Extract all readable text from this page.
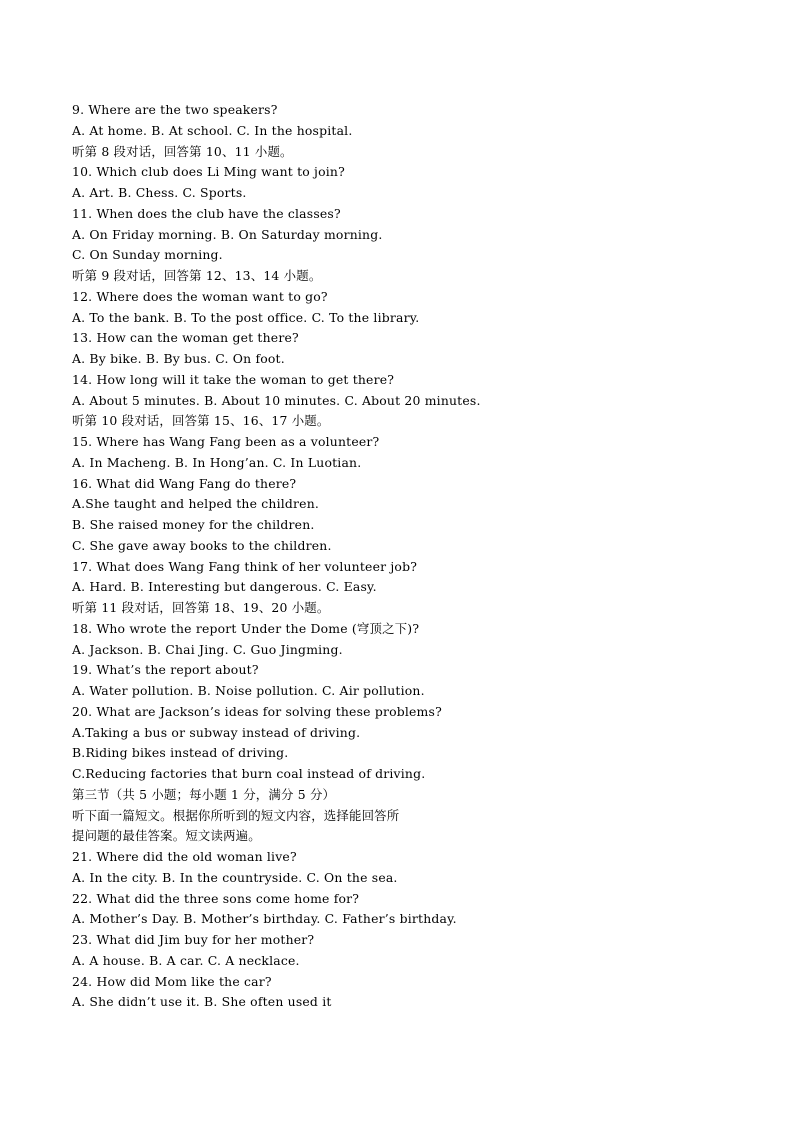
9. Where are the two speakers?
A. At home. B. At school. C. In the hospital.
听第 8 段对话，回答第 10、11 小题。
10. Which club does Li Ming want to join?
A. Art. B. Chess. C. Sports.
11. When does the club have the classes?
A. On Friday morning. B. On Saturday morning.
C. On Sunday morning.
听第 9 段对话，回答第 12、13、14 小题。
12. Where does the woman want to go?
A. To the bank. B. To the post office. C. To the library.
13. How can the woman get there?
A. By bike. B. By bus. C. On foot.
14. How long will it take the woman to get there?
A. About 5 minutes. B. About 10 minutes. C. About 20 minutes.
听第 10 段对话，回答第 15、16、17 小题。
15. Where has Wang Fang been as a volunteer?
A. In Macheng. B. In Hong’an. C. In Luotian.
16. What did Wang Fang do there?
A.She taught and helped the children.
B. She raised money for the children.
C. She gave away books to the children.
17. What does Wang Fang think of her volunteer job?
A. Hard. B. Interesting but dangerous. C. Easy.
听第 11 段对话，回答第 18、19、20 小题。
18. Who wrote the report Under the Dome (穹顶之下)?
A. Jackson. B. Chai Jing. C. Guo Jingming.
19. What’s the report about?
A. Water pollution. B. Noise pollution. C. Air pollution.
20. What are Jackson’s ideas for solving these problems?
A.Taking a bus or subway instead of driving.
B.Riding bikes instead of driving.
C.Reducing factories that burn coal instead of driving.
第三节（共 5 小题；每小题 1 分，满分 5 分）
听下面一篇短文。根据你所听到的短文内容，选择能回答所
提问题的最佳答案。短文读两遍。
21. Where did the old woman live?
A. In the city. B. In the countryside. C. On the sea.
22. What did the three sons come home for?
A. Mother’s Day. B. Mother’s birthday. C. Father’s birthday.
23. What did Jim buy for her mother?
A. A house. B. A car. C. A necklace.
24. How did Mom like the car?
A. She didn’t use it. B. She often used it
